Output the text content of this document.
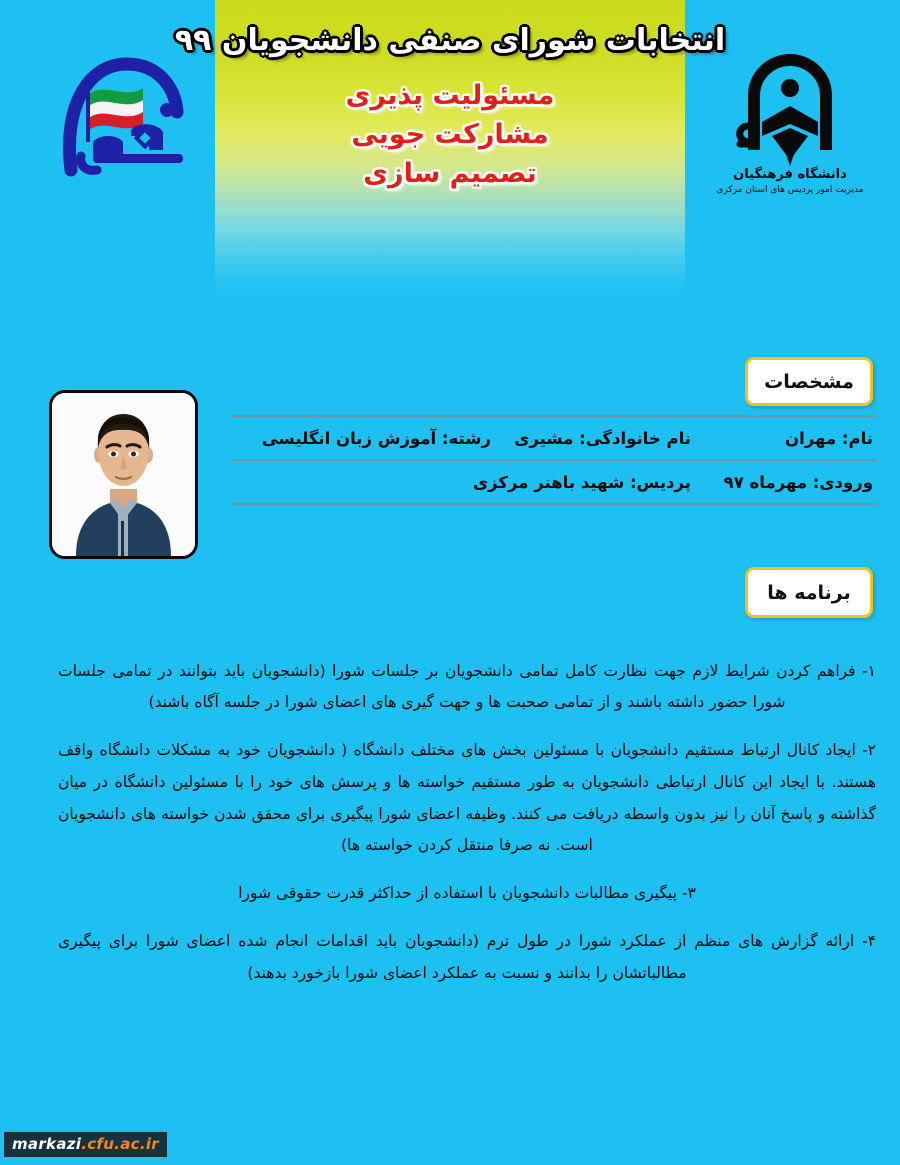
انتخابات شورای صنفی دانشجویان ۹۹
مسئولیت پذیری
مشارکت جویی
تصمیم سازی	دانشگاه فرهنگیان
مدیریت امور پردیس های استان مرکزی
مشخصات
نام: مهران
نام خانوادگی: مشیری
رشته: آموزش زبان انگلیسی
ورودی: مهرماه ۹۷
پردیس: شهید باهنر مرکزی
برنامه ها

۱- فراهم کردن شرایط لازم جهت نظارت کامل تمامی دانشجویان بر جلسات شورا (دانشجویان باید بتوانند در تمامی جلسات شورا حضور داشته باشند و از تمامی صحبت ها و جهت گیری های اعضای شورا در جلسه آگاه باشند)

۲- ایجاد کانال ارتباط مستقیم دانشجویان با مسئولین بخش های مختلف دانشگاه ( دانشجویان خود به مشکلات دانشگاه واقف هستند. با ایجاد این کانال ارتباطی دانشجویان به طور مستقیم خواسته ها و پرسش های خود را با مسئولین دانشگاه در میان گذاشته و پاسخ آنان را نیز بدون واسطه دریافت می کنند. وظیفه اعضای شورا پیگیری برای محقق شدن خواسته های دانشجویان است. نه صرفا منتقل کردن خواسته ها)

۳- پیگیری مطالبات دانشجویان با استفاده از حداکثر قدرت حقوقی شورا

۴- ارائه گزارش های منظم از عملکرد شورا در طول ترم (دانشجویان باید اقدامات انجام شده اعضای شورا برای پیگیری مطالباتشان را بدانند و نسبت به عملکرد اعضای شورا بازخورد بدهند)

markazi .cfu.ac.ir
